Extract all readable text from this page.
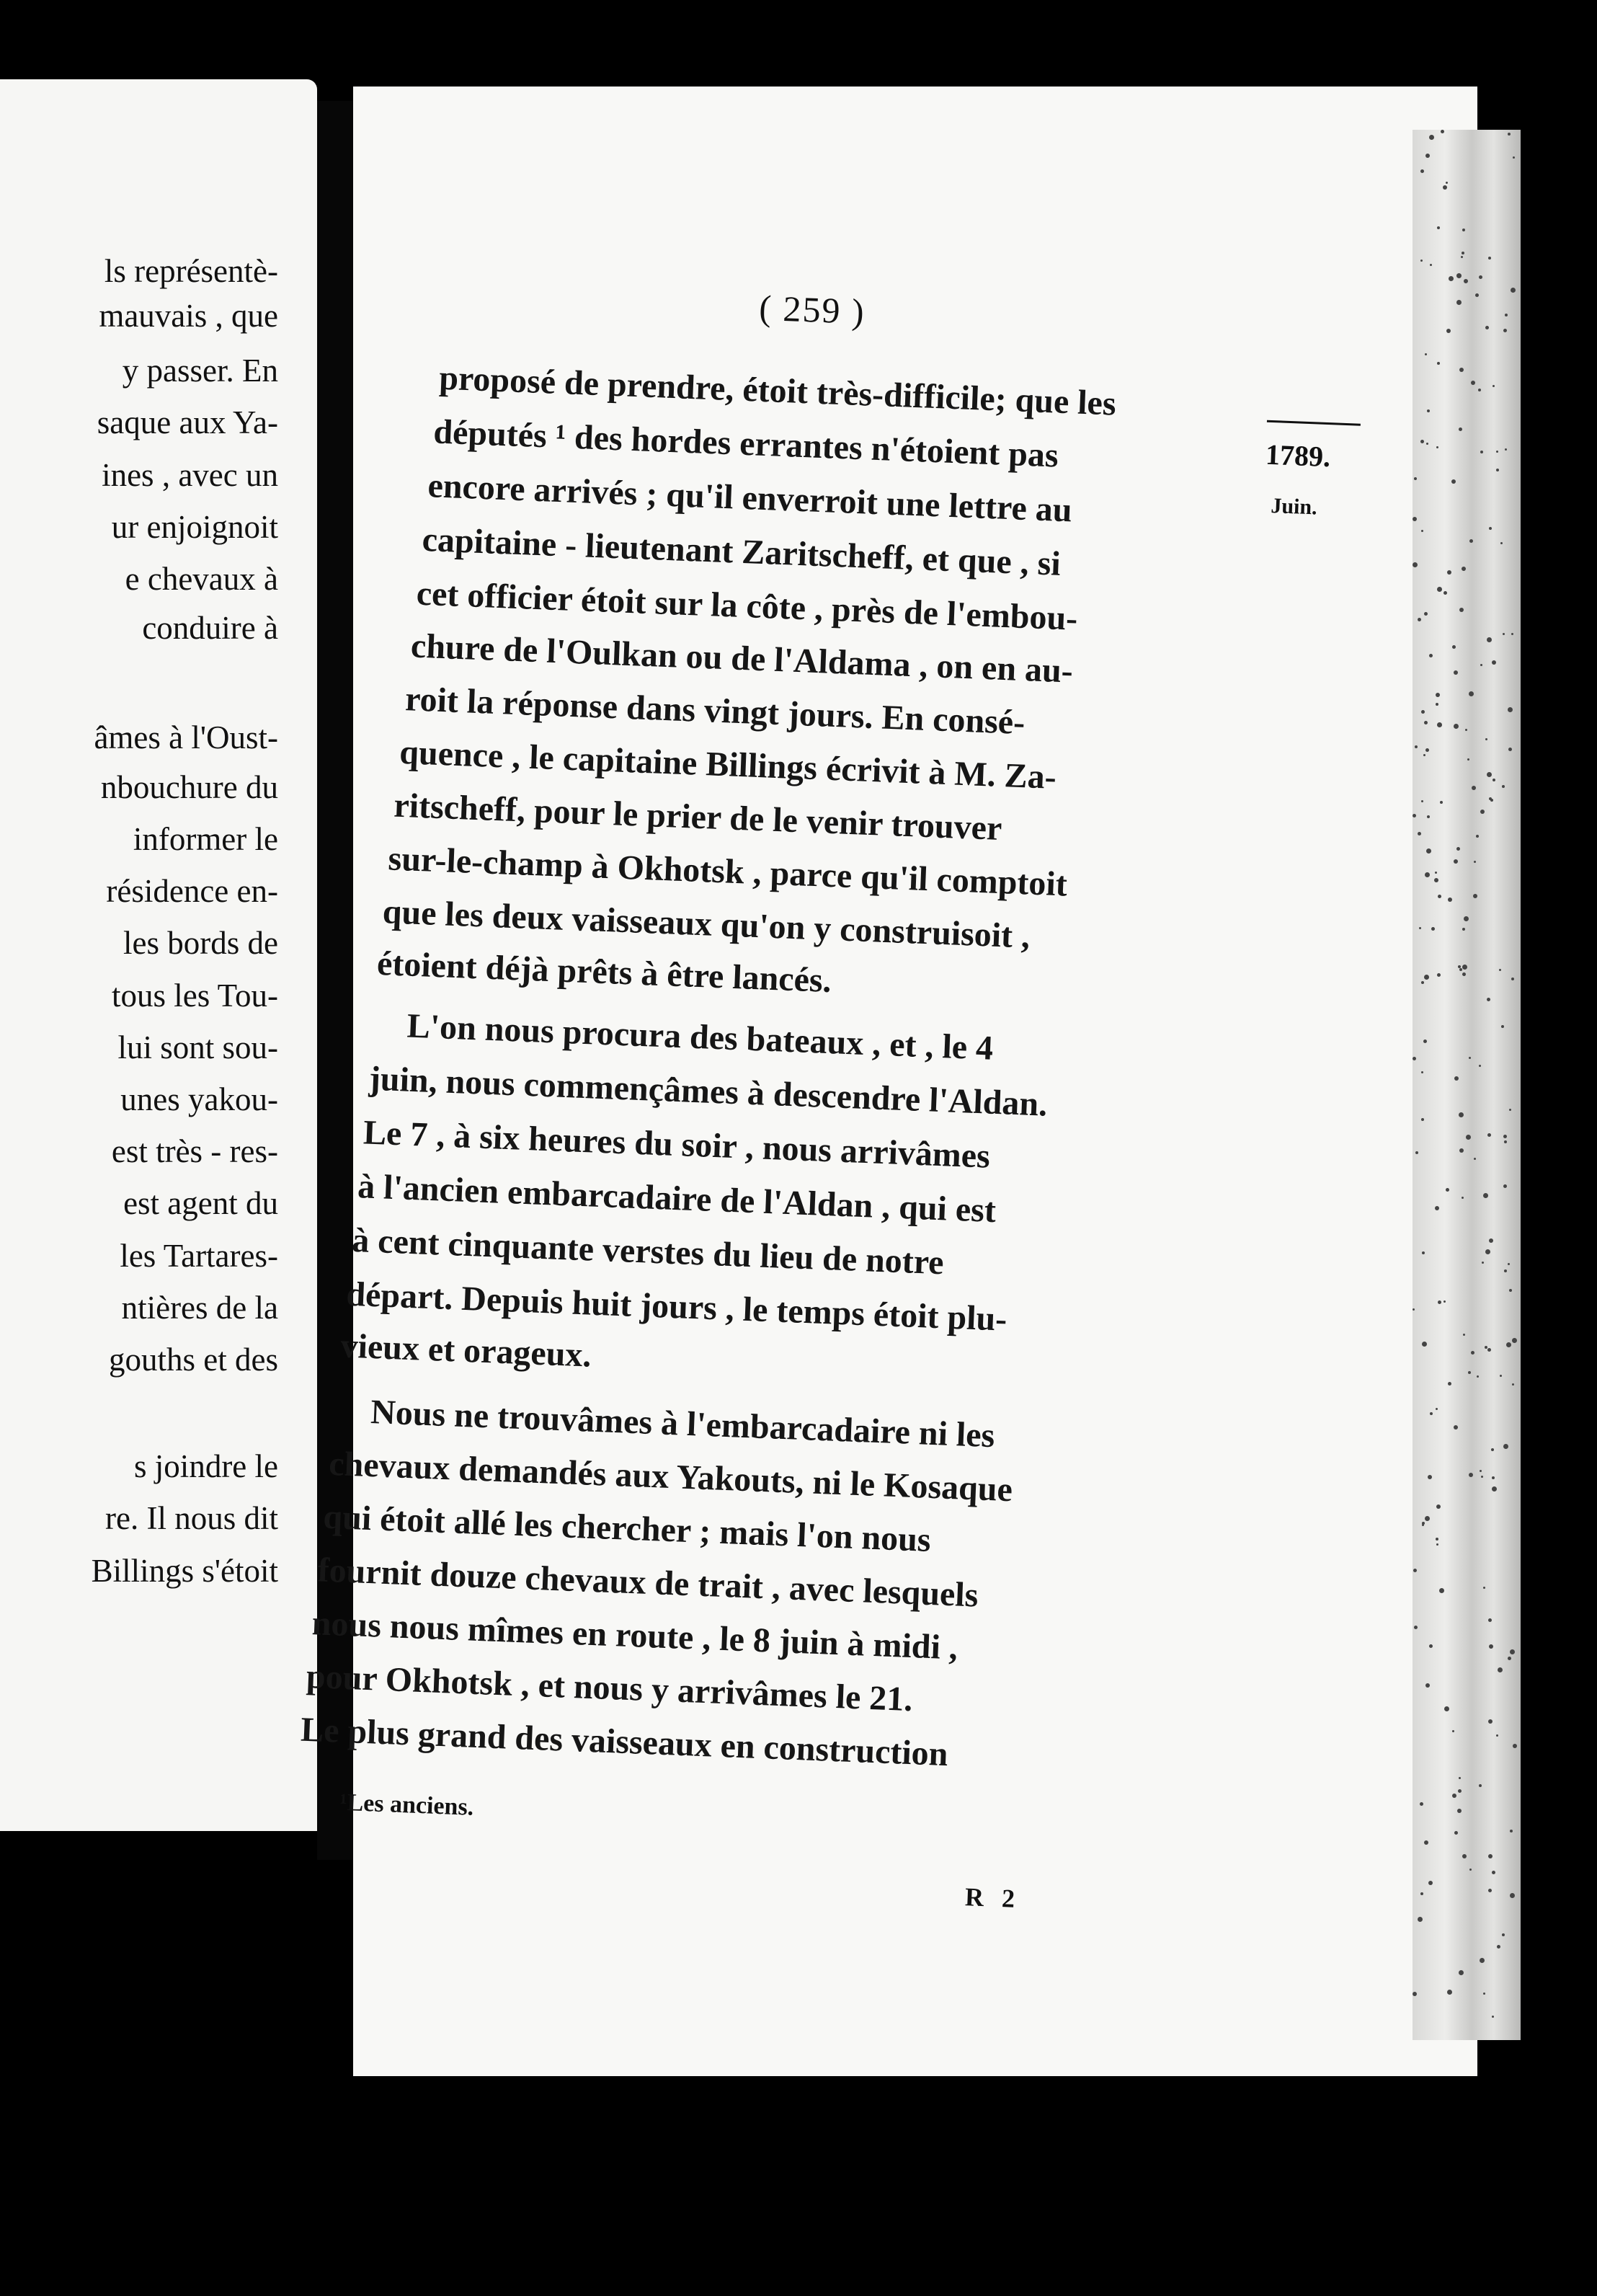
ls représentè-
mauvais , que
y passer. En
saque aux Ya-
ines , avec un
ur enjoignoit
e chevaux à
conduire à
âmes à l'Oust-
nbouchure du
informer le
résidence en-
les bords de
tous les Tou-
lui sont sou-
unes yakou-
est très - res-
est agent du
les Tartares-
ntières de la
gouths et des
s joindre le
re. Il nous dit
Billings s'étoit
( 259 )
1789.
Juin.
proposé de prendre, étoit très-difficile; que les
députés ¹ des hordes errantes n'étoient pas
encore arrivés ; qu'il enverroit une lettre au
capitaine - lieutenant Zaritscheff, et que , si
cet officier étoit sur la côte , près de l'embou-
chure de l'Oulkan ou de l'Aldama , on en au-
roit la réponse dans vingt jours. En consé-
quence , le capitaine Billings écrivit à M. Za-
ritscheff, pour le prier de le venir trouver
sur-le-champ à Okhotsk , parce qu'il comptoit
que les deux vaisseaux qu'on y construisoit ,
étoient déjà prêts à être lancés.
L'on nous procura des bateaux , et , le 4
juin, nous commençâmes à descendre l'Aldan.
Le 7 , à six heures du soir , nous arrivâmes
à l'ancien embarcadaire de l'Aldan , qui est
à cent cinquante verstes du lieu de notre
départ. Depuis huit jours , le temps étoit plu-
vieux et orageux.
Nous ne trouvâmes à l'embarcadaire ni les
chevaux demandés aux Yakouts, ni le Kosaque
qui étoit allé les chercher ; mais l'on nous
fournit douze chevaux de trait , avec lesquels
nous nous mîmes en route , le 8 juin à midi ,
pour Okhotsk , et nous y arrivâmes le 21.
Le plus grand des vaisseaux en construction
¹Les anciens.
R 2
